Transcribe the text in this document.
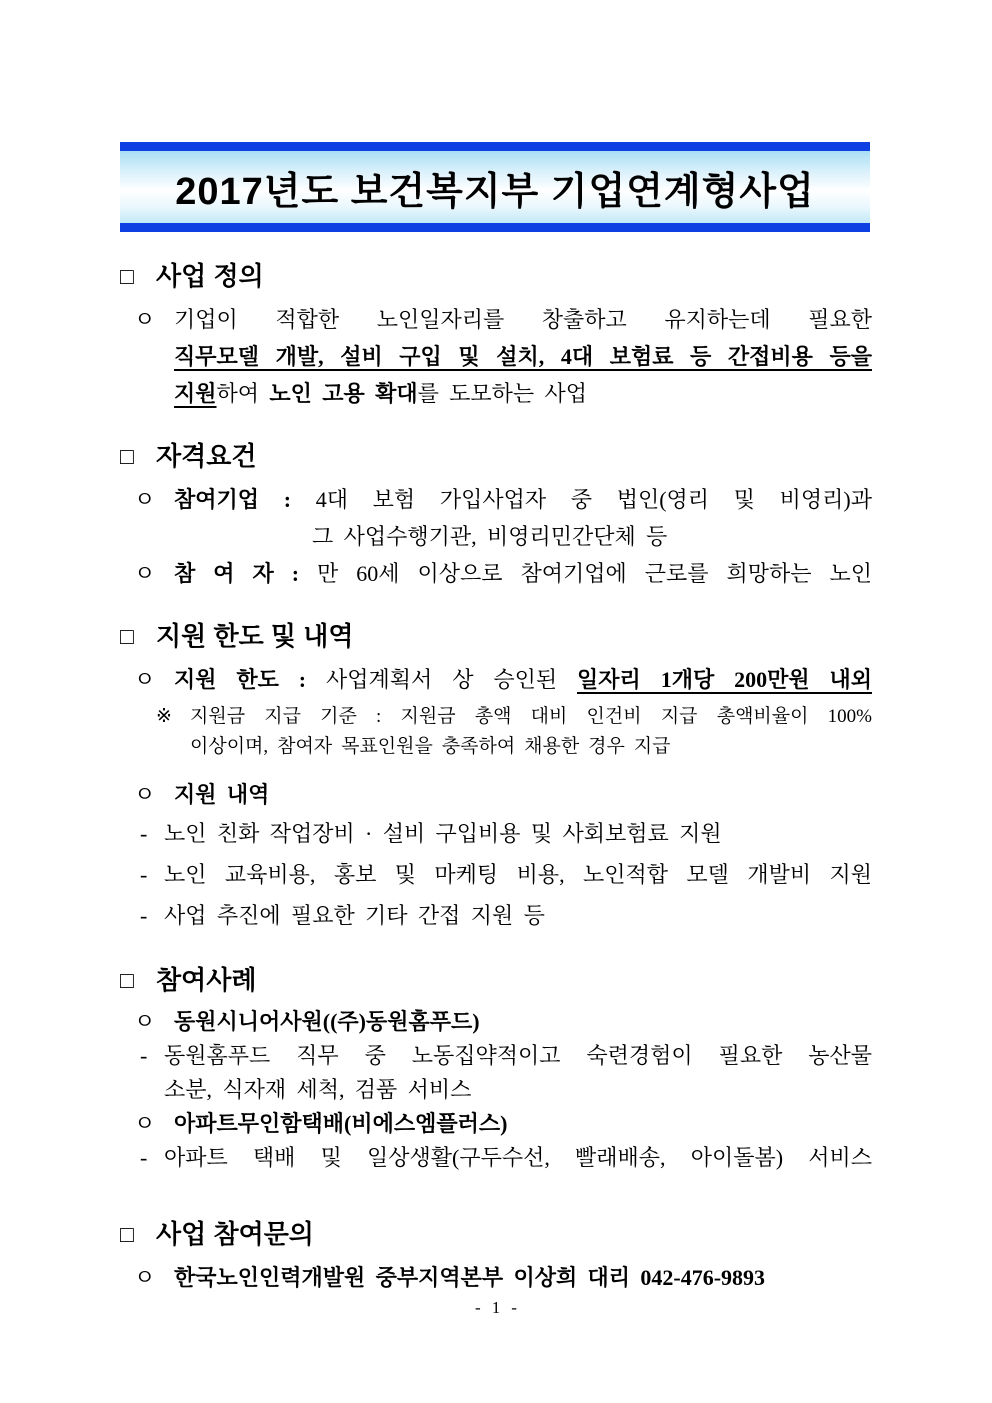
2017년도 보건복지부 기업연계형사업
□ 사업 정의
ㅇ 기업이 적합한 노인일자리를 창출하고 유지하는데 필요한
직무모델 개발, 설비 구입 및 설치, 4대 보험료 등 간접비용 등을
지원하여 노인 고용 확대를 도모하는 사업
□ 자격요건
ㅇ 참여기업 : 4대 보험 가입사업자 중 법인(영리 및 비영리)과
그 사업수행기관, 비영리민간단체 등
ㅇ 참 여 자 : 만 60세 이상으로 참여기업에 근로를 희망하는 노인
□ 지원 한도 및 내역
ㅇ 지원 한도 : 사업계획서 상 승인된 일자리 1개당 200만원 내외
※ 지원금 지급 기준 : 지원금 총액 대비 인건비 지급 총액비율이 100%
이상이며, 참여자 목표인원을 충족하여 채용한 경우 지급
ㅇ 지원 내역
- 노인 친화 작업장비 · 설비 구입비용 및 사회보험료 지원
- 노인 교육비용, 홍보 및 마케팅 비용, 노인적합 모델 개발비 지원
- 사업 추진에 필요한 기타 간접 지원 등
□ 참여사례
ㅇ 동원시니어사원((주)동원홈푸드)
- 동원홈푸드 직무 중 노동집약적이고 숙련경험이 필요한 농산물
소분, 식자재 세척, 검품 서비스
ㅇ 아파트무인함택배(비에스엠플러스)
- 아파트 택배 및 일상생활(구두수선, 빨래배송, 아이돌봄) 서비스
□ 사업 참여문의
ㅇ 한국노인인력개발원 중부지역본부 이상희 대리 042-476-9893
- 1 -
